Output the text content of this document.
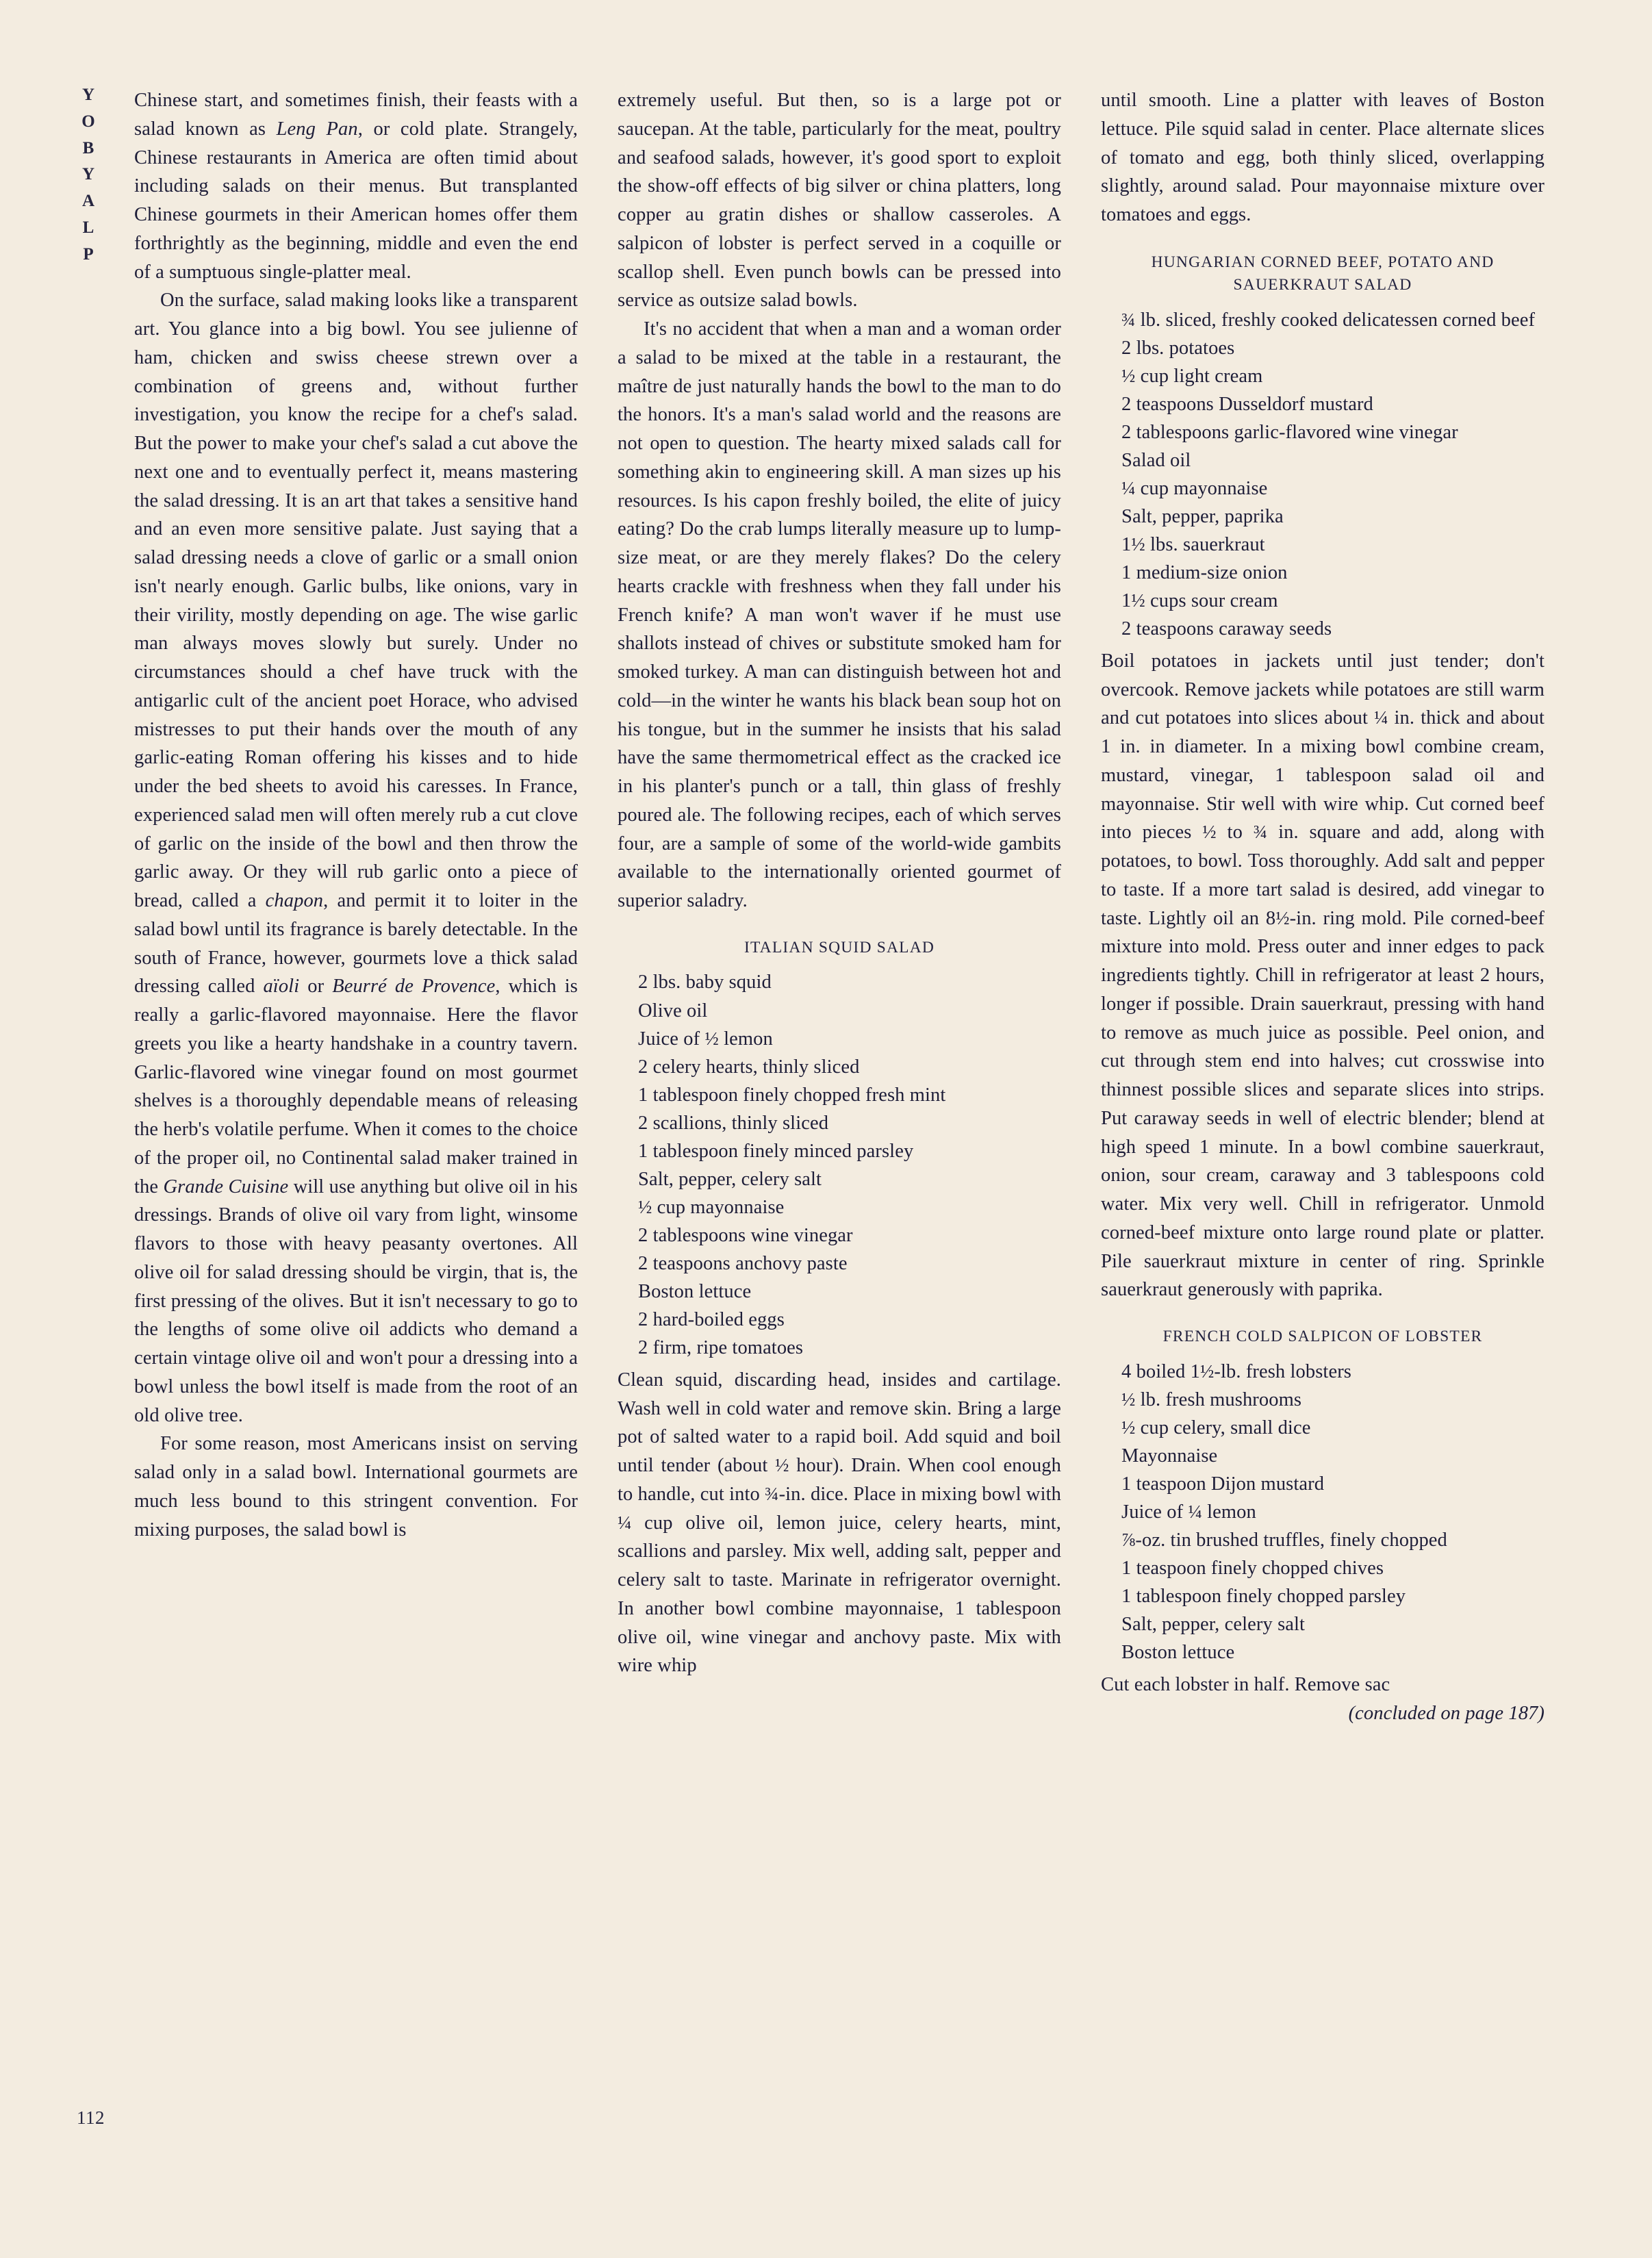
Y
O
B
Y
A
L
P
112

Chinese start, and sometimes finish, their feasts with a salad known as Leng Pan, or cold plate. Strangely, Chinese restaurants in America are often timid about including salads on their menus. But transplanted Chinese gourmets in their American homes offer them forthrightly as the beginning, middle and even the end of a sumptuous single-platter meal.

On the surface, salad making looks like a transparent art. You glance into a big bowl. You see julienne of ham, chicken and swiss cheese strewn over a combination of greens and, without further investigation, you know the recipe for a chef's salad. But the power to make your chef's salad a cut above the next one and to eventually perfect it, means mastering the salad dressing. It is an art that takes a sensitive hand and an even more sensitive palate. Just saying that a salad dressing needs a clove of garlic or a small onion isn't nearly enough. Garlic bulbs, like onions, vary in their virility, mostly depending on age. The wise garlic man always moves slowly but surely. Under no circumstances should a chef have truck with the antigarlic cult of the ancient poet Horace, who advised mistresses to put their hands over the mouth of any garlic-eating Roman offering his kisses and to hide under the bed sheets to avoid his caresses. In France, experienced salad men will often merely rub a cut clove of garlic on the inside of the bowl and then throw the garlic away. Or they will rub garlic onto a piece of bread, called a chapon, and permit it to loiter in the salad bowl until its fragrance is barely detectable. In the south of France, however, gourmets love a thick salad dressing called aïoli or Beurré de Provence, which is really a garlic-flavored mayonnaise. Here the flavor greets you like a hearty handshake in a country tavern. Garlic-flavored wine vinegar found on most gourmet shelves is a thoroughly dependable means of releasing the herb's volatile perfume. When it comes to the choice of the proper oil, no Continental salad maker trained in the Grande Cuisine will use anything but olive oil in his dressings. Brands of olive oil vary from light, winsome flavors to those with heavy peasanty overtones. All olive oil for salad dressing should be virgin, that is, the first pressing of the olives. But it isn't necessary to go to the lengths of some olive oil addicts who demand a certain vintage olive oil and won't pour a dressing into a bowl unless the bowl itself is made from the root of an old olive tree.

For some reason, most Americans insist on serving salad only in a salad bowl. International gourmets are much less bound to this stringent convention. For mixing purposes, the salad bowl is

extremely useful. But then, so is a large pot or saucepan. At the table, particularly for the meat, poultry and seafood salads, however, it's good sport to exploit the show-off effects of big silver or china platters, long copper au gratin dishes or shallow casseroles. A salpicon of lobster is perfect served in a coquille or scallop shell. Even punch bowls can be pressed into service as outsize salad bowls.

It's no accident that when a man and a woman order a salad to be mixed at the table in a restaurant, the maître de just naturally hands the bowl to the man to do the honors. It's a man's salad world and the reasons are not open to question. The hearty mixed salads call for something akin to engineering skill. A man sizes up his resources. Is his capon freshly boiled, the elite of juicy eating? Do the crab lumps literally measure up to lump-size meat, or are they merely flakes? Do the celery hearts crackle with freshness when they fall under his French knife? A man won't waver if he must use shallots instead of chives or substitute smoked ham for smoked turkey. A man can distinguish between hot and cold—in the winter he wants his black bean soup hot on his tongue, but in the summer he insists that his salad have the same thermometrical effect as the cracked ice in his planter's punch or a tall, thin glass of freshly poured ale. The following recipes, each of which serves four, are a sample of some of the world-wide gambits available to the internationally oriented gourmet of superior saladry.

ITALIAN SQUID SALAD
2 lbs. baby squid
Olive oil
Juice of ½ lemon
2 celery hearts, thinly sliced
1 tablespoon finely chopped fresh mint
2 scallions, thinly sliced
1 tablespoon finely minced parsley
Salt, pepper, celery salt
½ cup mayonnaise
2 tablespoons wine vinegar
2 teaspoons anchovy paste
Boston lettuce
2 hard-boiled eggs
2 firm, ripe tomatoes

Clean squid, discarding head, insides and cartilage. Wash well in cold water and remove skin. Bring a large pot of salted water to a rapid boil. Add squid and boil until tender (about ½ hour). Drain. When cool enough to handle, cut into ¾-in. dice. Place in mixing bowl with ¼ cup olive oil, lemon juice, celery hearts, mint, scallions and parsley. Mix well, adding salt, pepper and celery salt to taste. Marinate in refrigerator overnight. In another bowl combine mayonnaise, 1 tablespoon olive oil, wine vinegar and anchovy paste. Mix with wire whip

until smooth. Line a platter with leaves of Boston lettuce. Pile squid salad in center. Place alternate slices of tomato and egg, both thinly sliced, overlapping slightly, around salad. Pour mayonnaise mixture over tomatoes and eggs.

HUNGARIAN CORNED BEEF, POTATO AND
SAUERKRAUT SALAD
¾ lb. sliced, freshly cooked delicatessen corned beef
2 lbs. potatoes
½ cup light cream
2 teaspoons Dusseldorf mustard
2 tablespoons garlic-flavored wine vinegar
Salad oil
¼ cup mayonnaise
Salt, pepper, paprika
1½ lbs. sauerkraut
1 medium-size onion
1½ cups sour cream
2 teaspoons caraway seeds

Boil potatoes in jackets until just tender; don't overcook. Remove jackets while potatoes are still warm and cut potatoes into slices about ¼ in. thick and about 1 in. in diameter. In a mixing bowl combine cream, mustard, vinegar, 1 tablespoon salad oil and mayonnaise. Stir well with wire whip. Cut corned beef into pieces ½ to ¾ in. square and add, along with potatoes, to bowl. Toss thoroughly. Add salt and pepper to taste. If a more tart salad is desired, add vinegar to taste. Lightly oil an 8½-in. ring mold. Pile corned-beef mixture into mold. Press outer and inner edges to pack ingredients tightly. Chill in refrigerator at least 2 hours, longer if possible. Drain sauerkraut, pressing with hand to remove as much juice as possible. Peel onion, and cut through stem end into halves; cut crosswise into thinnest possible slices and separate slices into strips. Put caraway seeds in well of electric blender; blend at high speed 1 minute. In a bowl combine sauerkraut, onion, sour cream, caraway and 3 tablespoons cold water. Mix very well. Chill in refrigerator. Unmold corned-beef mixture onto large round plate or platter. Pile sauerkraut mixture in center of ring. Sprinkle sauerkraut generously with paprika.

FRENCH COLD SALPICON OF LOBSTER
4 boiled 1½-lb. fresh lobsters
½ lb. fresh mushrooms
½ cup celery, small dice
Mayonnaise
1 teaspoon Dijon mustard
Juice of ¼ lemon
⅞-oz. tin brushed truffles, finely chopped
1 teaspoon finely chopped chives
1 tablespoon finely chopped parsley
Salt, pepper, celery salt
Boston lettuce

Cut each lobster in half. Remove sac

(concluded on page 187)
